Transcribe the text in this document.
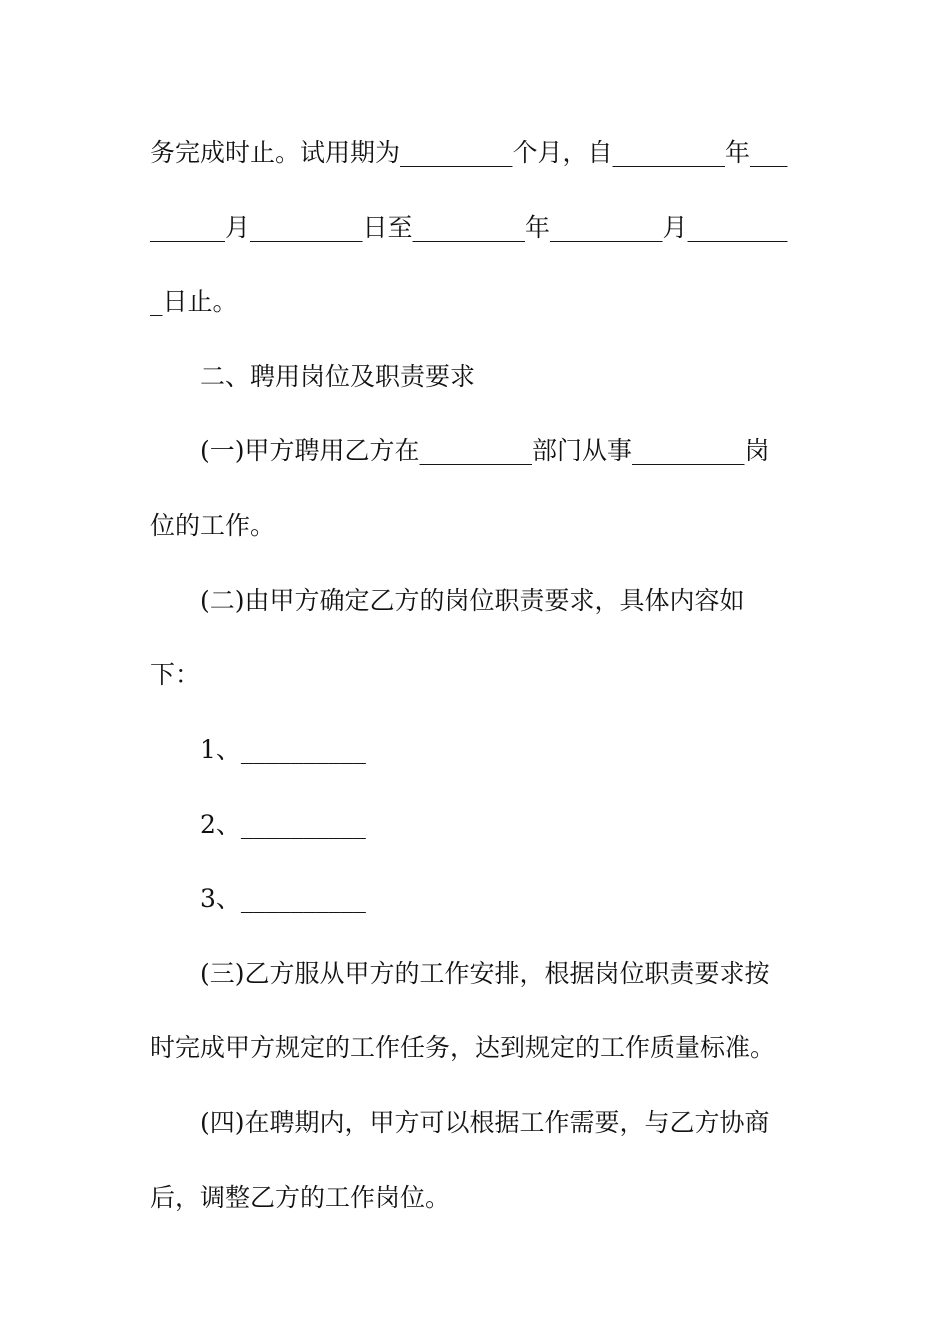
务完成时止。试用期为_________个月，自_________年___
______月_________日至_________年_________月________
_日止。
二、聘用岗位及职责要求
(一)甲方聘用乙方在_________部门从事_________岗
位的工作。
(二)由甲方确定乙方的岗位职责要求，具体内容如
下：
1、__________
2、__________
3、__________
(三)乙方服从甲方的工作安排，根据岗位职责要求按
时完成甲方规定的工作任务，达到规定的工作质量标准。
(四)在聘期内，甲方可以根据工作需要，与乙方协商
后，调整乙方的工作岗位。
